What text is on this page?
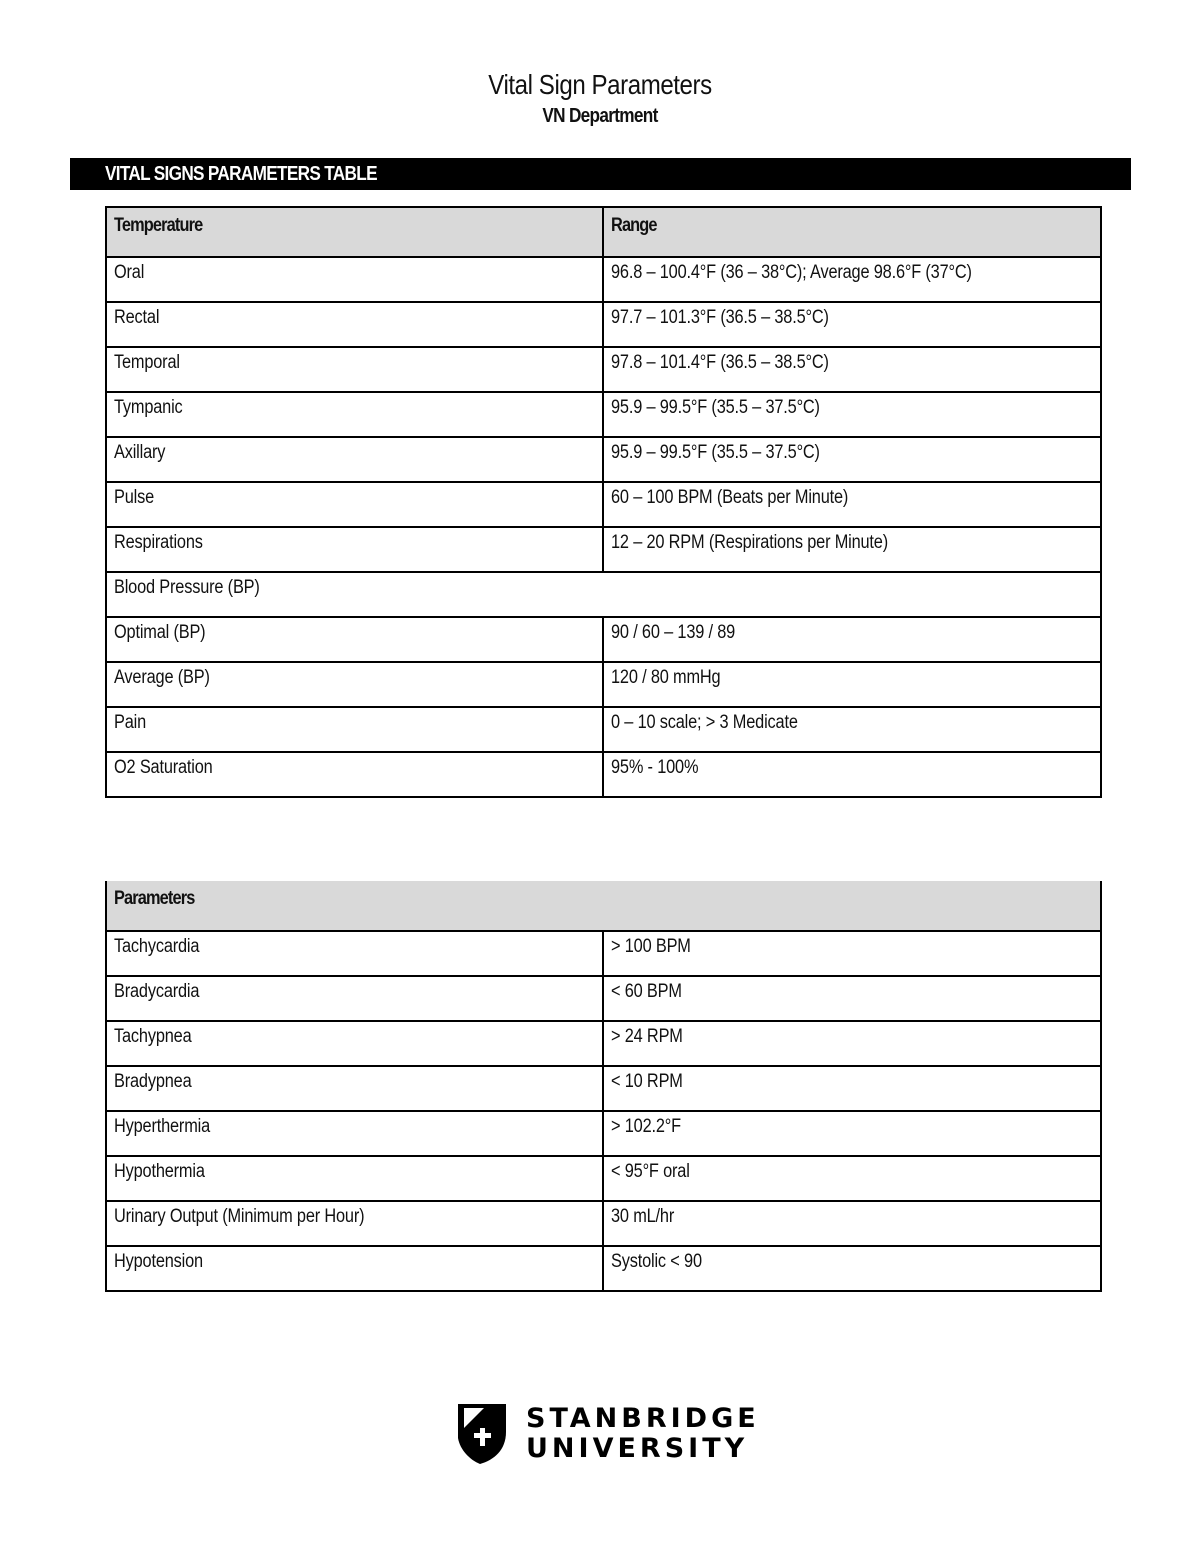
Vital Sign Parameters
VN Department
VITAL SIGNS PARAMETERS TABLE
Temperature	Range
Oral	96.8 – 100.4°F (36 – 38°C); Average 98.6°F (37°C)
Rectal	97.7 – 101.3°F (36.5 – 38.5°C)
Temporal	97.8 – 101.4°F (36.5 – 38.5°C)
Tympanic	95.9 – 99.5°F (35.5 – 37.5°C)
Axillary	95.9 – 99.5°F (35.5 – 37.5°C)
Pulse	60 – 100 BPM (Beats per Minute)
Respirations	12 – 20 RPM (Respirations per Minute)
Blood Pressure (BP)	
Optimal (BP)	90 / 60 – 139 / 89
Average (BP)	120 / 80 mmHg
Pain	0 – 10 scale; > 3 Medicate
O2 Saturation	95% - 100%
Parameters	
Tachycardia	> 100 BPM
Bradycardia	< 60 BPM
Tachypnea	> 24 RPM
Bradypnea	< 10 RPM
Hyperthermia	> 102.2°F
Hypothermia	< 95°F oral
Urinary Output (Minimum per Hour)	30 mL/hr
Hypotension	Systolic < 90
STANBRIDGE
UNIVERSITY
